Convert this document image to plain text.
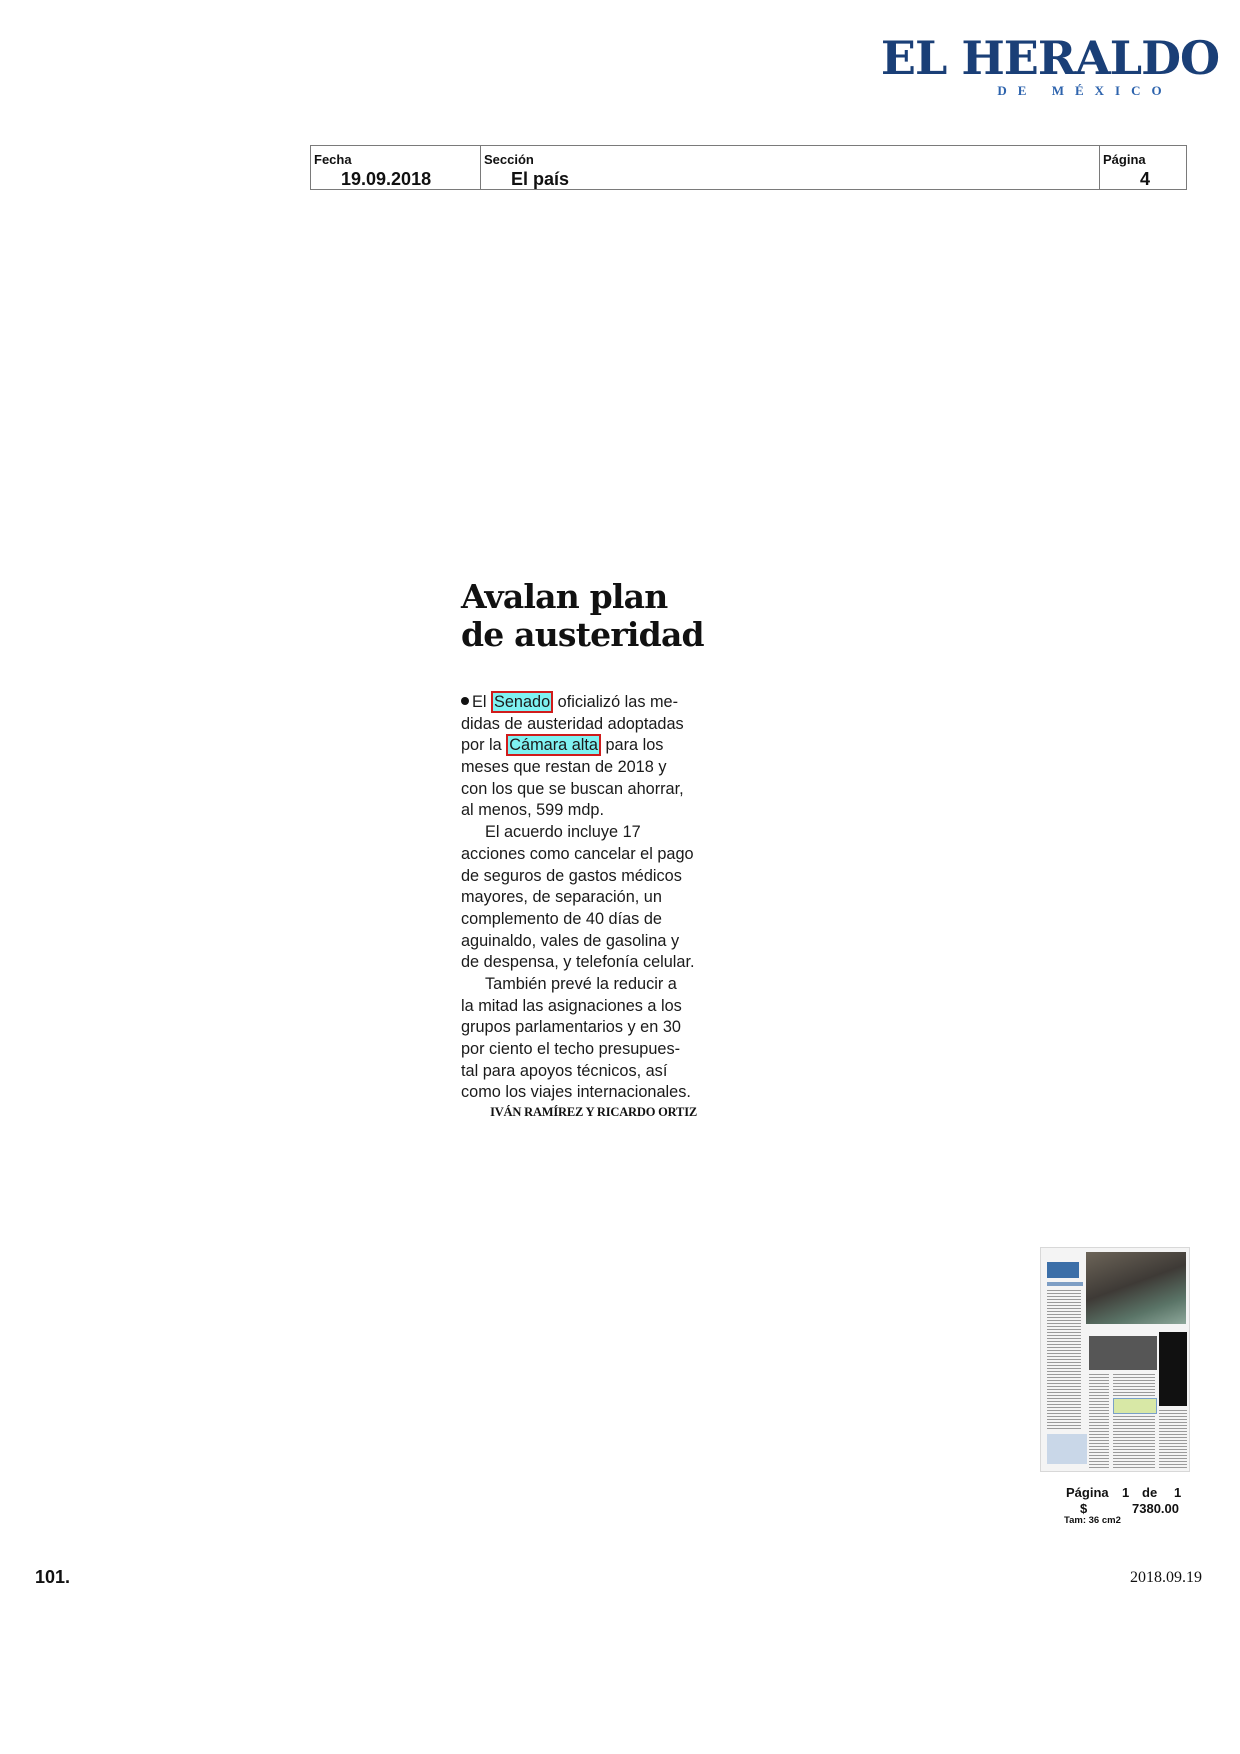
EL HERALDO
DE MÉXICO
Fecha
19.09.2018
Sección
El país
Página
4
Avalan plan
de austeridad
El Senado oficializó las me-
didas de austeridad adoptadas
por la Cámara alta para los
meses que restan de 2018 y
con los que se buscan ahorrar,
al menos, 599 mdp.
El acuerdo incluye 17
acciones como cancelar el pago
de seguros de gastos médicos
mayores, de separación, un
complemento de 40 días de
aguinaldo, vales de gasolina y
de despensa, y telefonía celular.
También prevé la reducir a
la mitad las asignaciones a los
grupos parlamentarios y en 30
por ciento el techo presupues-
tal para apoyos técnicos, así
como los viajes internacionales.
IVÁN RAMÍREZ Y RICARDO ORTIZ
Página 1 de 1
$	7380.00
Tam: 36 cm2
101.	2018.09.19
